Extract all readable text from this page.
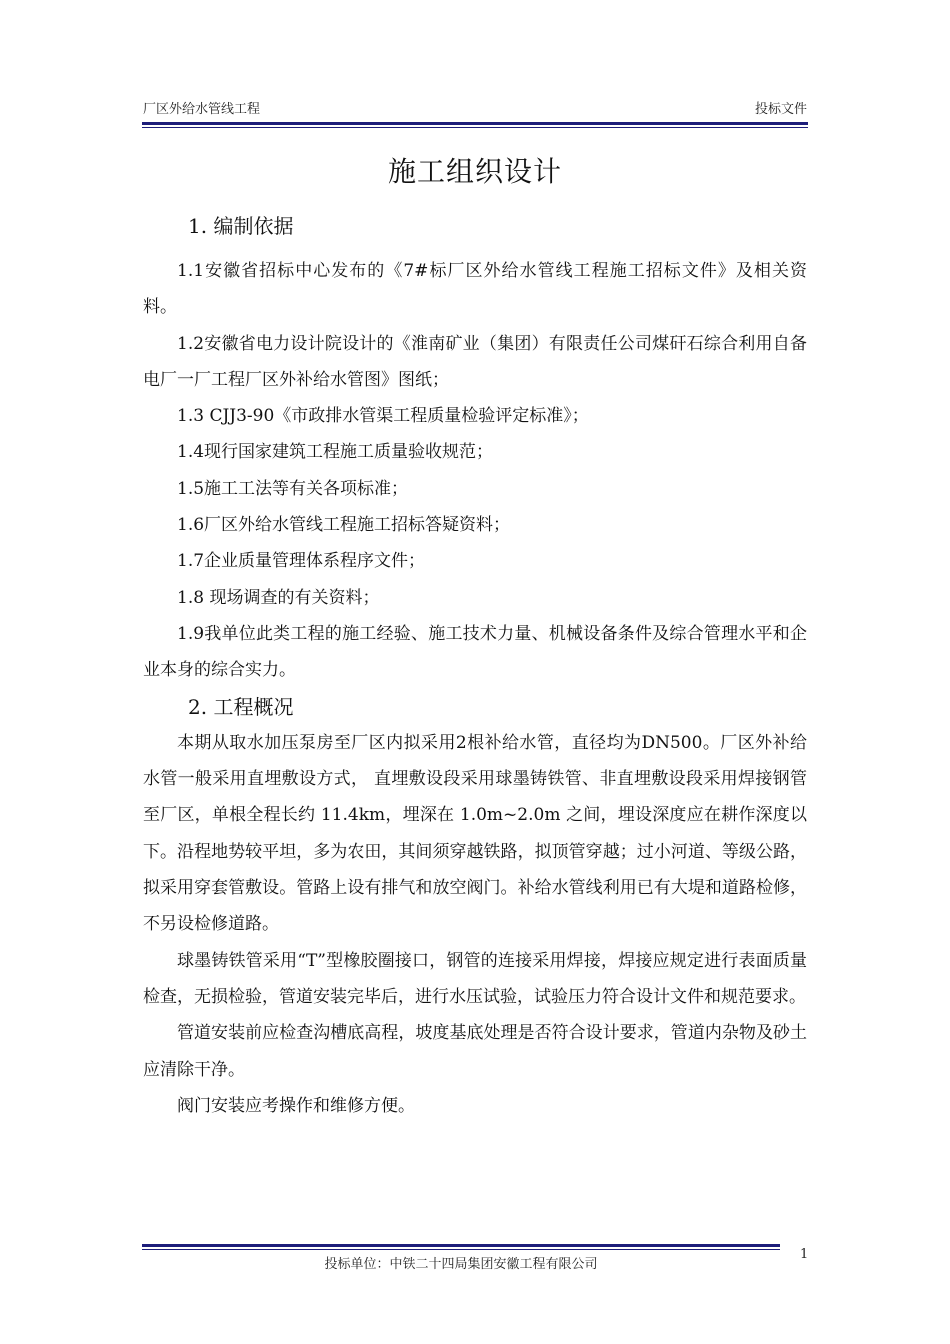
厂区外给水管线工程	投标文件
施工组织设计
1. 编制依据

1.1安徽省招标中心发布的《7#标厂区外给水管线工程施工招标文件》及相关资料。

1.2安徽省电力设计院设计的《淮南矿业（集团）有限责任公司煤矸石综合利用自备电厂一厂工程厂区外补给水管图》图纸；

1.3 CJJ3-90《市政排水管渠工程质量检验评定标准》；

1.4现行国家建筑工程施工质量验收规范；

1.5施工工法等有关各项标准；

1.6厂区外给水管线工程施工招标答疑资料；

1.7企业质量管理体系程序文件；

1.8 现场调查的有关资料；

1.9我单位此类工程的施工经验、施工技术力量、机械设备条件及综合管理水平和企业本身的综合实力。

2. 工程概况

本期从取水加压泵房至厂区内拟采用2根补给水管，直径均为DN500。厂区外补给水管一般采用直埋敷设方式， 直埋敷设段采用球墨铸铁管、非直埋敷设段采用焊接钢管至厂区，单根全程长约 11.4km，埋深在 1.0m~2.0m 之间，埋设深度应在耕作深度以下。沿程地势较平坦，多为农田，其间须穿越铁路，拟顶管穿越；过小河道、等级公路，拟采用穿套管敷设。管路上设有排气和放空阀门。补给水管线利用已有大堤和道路检修，不另设检修道路。

球墨铸铁管采用“T”型橡胶圈接口，钢管的连接采用焊接，焊接应规定进行表面质量检查，无损检验，管道安装完毕后，进行水压试验，试验压力符合设计文件和规范要求。

管道安装前应检查沟槽底高程，坡度基底处理是否符合设计要求，管道内杂物及砂土应清除干净。

阀门安装应考操作和维修方便。

投标单位：中铁二十四局集团安徽工程有限公司
1
